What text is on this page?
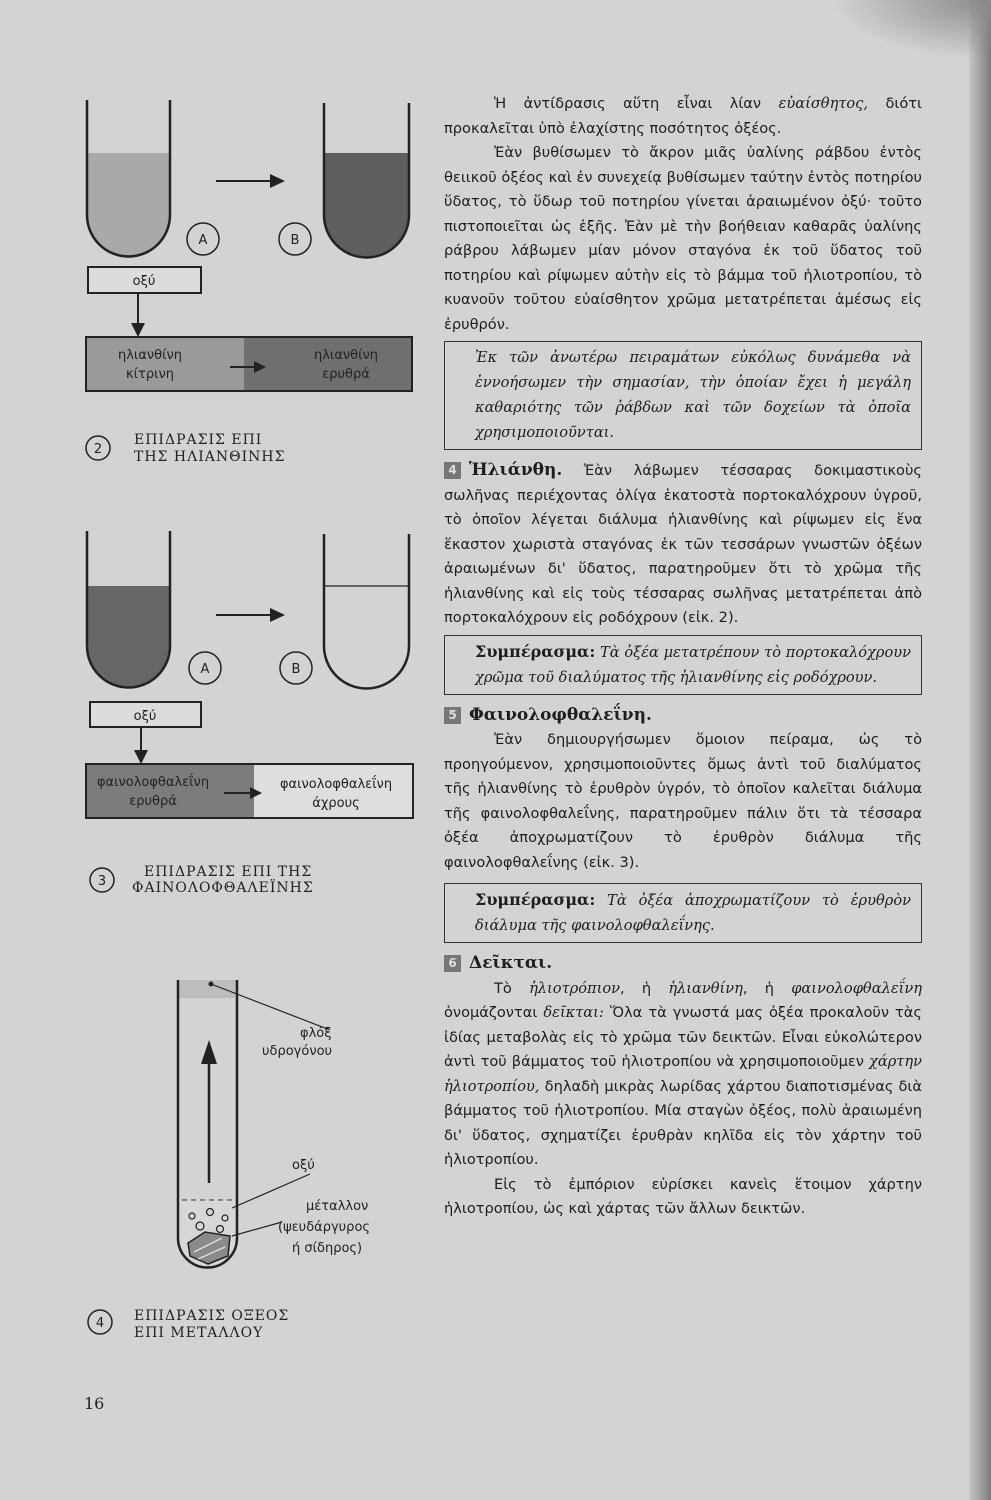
A	B
οξύ
ηλιανθίνη
κίτρινη
ηλιανθίνη
ερυθρά
2
ΕΠΙΔΡΑΣΙΣ ΕΠΙ
ΤΗΣ ΗΛΙΑΝΘΙΝΗΣ
A	B
οξύ
φαινολοφθαλεΐνη
ερυθρά
φαινολοφθαλεΐνη
άχρους
3
ΕΠΙΔΡΑΣΙΣ ΕΠΙ ΤΗΣ
ΦΑΙΝΟΛΟΦΘΑΛΕΪΝΗΣ
φλόξ
υδρογόνου
οξύ
μέταλλον
(ψευδάργυρος
ή σίδηρος)
4 ΕΠΙΔΡΑΣΙΣ ΟΞΕΟΣ
ΕΠΙ ΜΕΤΑΛΛΟΥ

Ἡ ἀντίδρασις αὕτη εἶναι λίαν εὐαίσθητος, διότι προκαλεῖται ὑπὸ ἐλαχίστης ποσότητος ὀξέος.

Ἐὰν βυθίσωμεν τὸ ἄκρον μιᾶς ὑαλίνης ράβδου ἐντὸς θειικοῦ ὀξέος καὶ ἐν συνεχείᾳ βυθίσωμεν ταύτην ἐντὸς ποτηρίου ὕδατος, τὸ ὕδωρ τοῦ ποτηρίου γίνεται ἀραιωμένον ὀξύ· τοῦτο πιστοποιεῖται ὡς ἑξῆς. Ἐὰν μὲ τὴν βοήθειαν καθαρᾶς ὑαλίνης ράβρου λάβωμεν μίαν μόνον σταγόνα ἐκ τοῦ ὕδατος τοῦ ποτηρίου καὶ ρίψωμεν αὐτὴν εἰς τὸ βάμμα τοῦ ἡλιοτροπίου, τὸ κυανοῦν τοῦτου εὐαίσθητον χρῶμα μετατρέπεται ἀμέσως εἰς ἐρυθρόν.

Ἐκ τῶν ἀνωτέρω πειραμάτων εὐκόλως δυνάμεθα νὰ ἐννοήσωμεν τὴν σημασίαν, τὴν ὁποίαν ἔχει ἡ μεγάλη καθαριότης τῶν ῥάβδων καὶ τῶν δοχείων τὰ ὁποῖα χρησιμοποιοῦνται.

4 Ἡλιάνθη. Ἐὰν λάβωμεν τέσσαρας δοκιμαστικοὺς σωλῆνας περιέχοντας ὀλίγα ἑκατοστὰ πορτοκαλόχρουν ὑγροῦ, τὸ ὁποῖον λέγεται διάλυμα ἡλιανθίνης καὶ ρίψωμεν εἰς ἕνα ἕκαστον χωριστὰ σταγόνας ἐκ τῶν τεσσάρων γνωστῶν ὀξέων ἀραιωμένων δι' ὕδατος, παρατηροῦμεν ὅτι τὸ χρῶμα τῆς ἡλιανθίνης καὶ εἰς τοὺς τέσσαρας σωλῆνας μετατρέπεται ἀπὸ πορτοκαλόχρουν εἰς ροδόχρουν (εἰκ. 2).

Συμπέρασμα: Τὰ ὀξέα μετατρέπουν τὸ πορτοκαλόχρουν χρῶμα τοῦ διαλύματος τῆς ἡλιανθίνης εἰς ροδόχρουν.

5 Φαινολοφθαλεΐνη.

Ἐὰν δημιουργήσωμεν ὅμοιον πείραμα, ὡς τὸ προηγούμενον, χρησιμοποιοῦντες ὅμως ἀντὶ τοῦ διαλύματος τῆς ἡλιανθίνης τὸ ἐρυθρὸν ὑγρόν, τὸ ὁποῖον καλεῖται διάλυμα τῆς φαινολοφθαλεΐνης, παρατηροῦμεν πάλιν ὅτι τὰ τέσσαρα ὀξέα ἀποχρωματίζουν τὸ ἐρυθρὸν διάλυμα τῆς φαινολοφθαλεΐνης (εἰκ. 3).

Συμπέρασμα: Τὰ ὀξέα ἀποχρωματίζουν τὸ ἐρυθρὸν διάλυμα τῆς φαινολοφθαλεΐνης.

6 Δεῖκται.

Τὸ ἡλιοτρόπιον, ἡ ἡλιανθίνη, ἡ φαινολοφθαλεΐνη ὀνομάζονται δεῖκται: Ὅλα τὰ γνωστά μας ὀξέα προκαλοῦν τὰς ἰδίας μεταβολὰς εἰς τὸ χρῶμα τῶν δεικτῶν. Εἶναι εὐκολώτερον ἀντὶ τοῦ βάμματος τοῦ ἡλιοτροπίου νὰ χρησιμοποιοῦμεν χάρτην ἡλιοτροπίου, δηλαδὴ μικρὰς λωρίδας χάρτου διαποτισμένας διὰ βάμματος τοῦ ἡλιοτροπίου. Μία σταγὼν ὀξέος, πολὺ ἀραιωμένη δι' ὕδατος, σχηματίζει ἐρυθρὰν κηλῖδα εἰς τὸν χάρτην τοῦ ἡλιοτροπίου.

Εἰς τὸ ἐμπόριον εὑρίσκει κανεὶς ἕτοιμον χάρτην ἡλιοτροπίου, ὡς καὶ χάρτας τῶν ἄλλων δεικτῶν.

16
